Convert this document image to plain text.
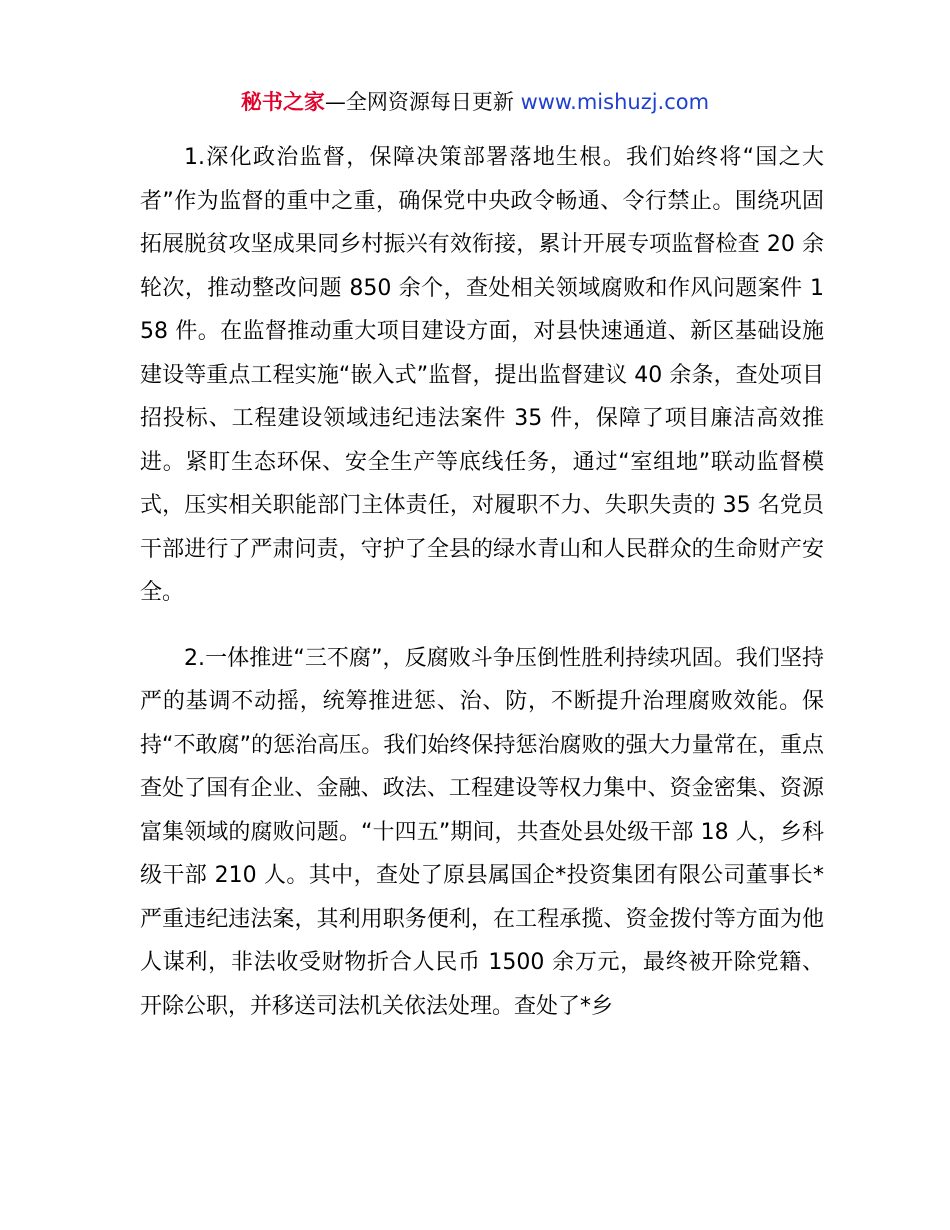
秘书之家—全网资源每日更新 www.mishuzj.com

1.深化政治监督，保障决策部署落地生根。我们始终将“国之大者”作为监督的重中之重，确保党中央政令畅通、令行禁止。围绕巩固拓展脱贫攻坚成果同乡村振兴有效衔接，累计开展专项监督检查 20 余轮次，推动整改问题 850 余个，查处相关领域腐败和作风问题案件 158 件。在监督推动重大项目建设方面，对县快速通道、新区基础设施建设等重点工程实施“嵌入式”监督，提出监督建议 40 余条，查处项目招投标、工程建设领域违纪违法案件 35 件，保障了项目廉洁高效推进。紧盯生态环保、安全生产等底线任务，通过“室组地”联动监督模式，压实相关职能部门主体责任，对履职不力、失职失责的 35 名党员干部进行了严肃问责，守护了全县的绿水青山和人民群众的生命财产安全。

2.一体推进“三不腐”，反腐败斗争压倒性胜利持续巩固。我们坚持严的基调不动摇，统筹推进惩、治、防，不断提升治理腐败效能。保持“不敢腐”的惩治高压。我们始终保持惩治腐败的强大力量常在，重点查处了国有企业、金融、政法、工程建设等权力集中、资金密集、资源富集领域的腐败问题。“十四五”期间，共查处县处级干部 18 人，乡科级干部 210 人。其中，查处了原县属国企*投资集团有限公司董事长*严重违纪违法案，其利用职务便利，在工程承揽、资金拨付等方面为他人谋利，非法收受财物折合人民币 1500 余万元，最终被开除党籍、开除公职，并移送司法机关依法处理。查处了*乡
